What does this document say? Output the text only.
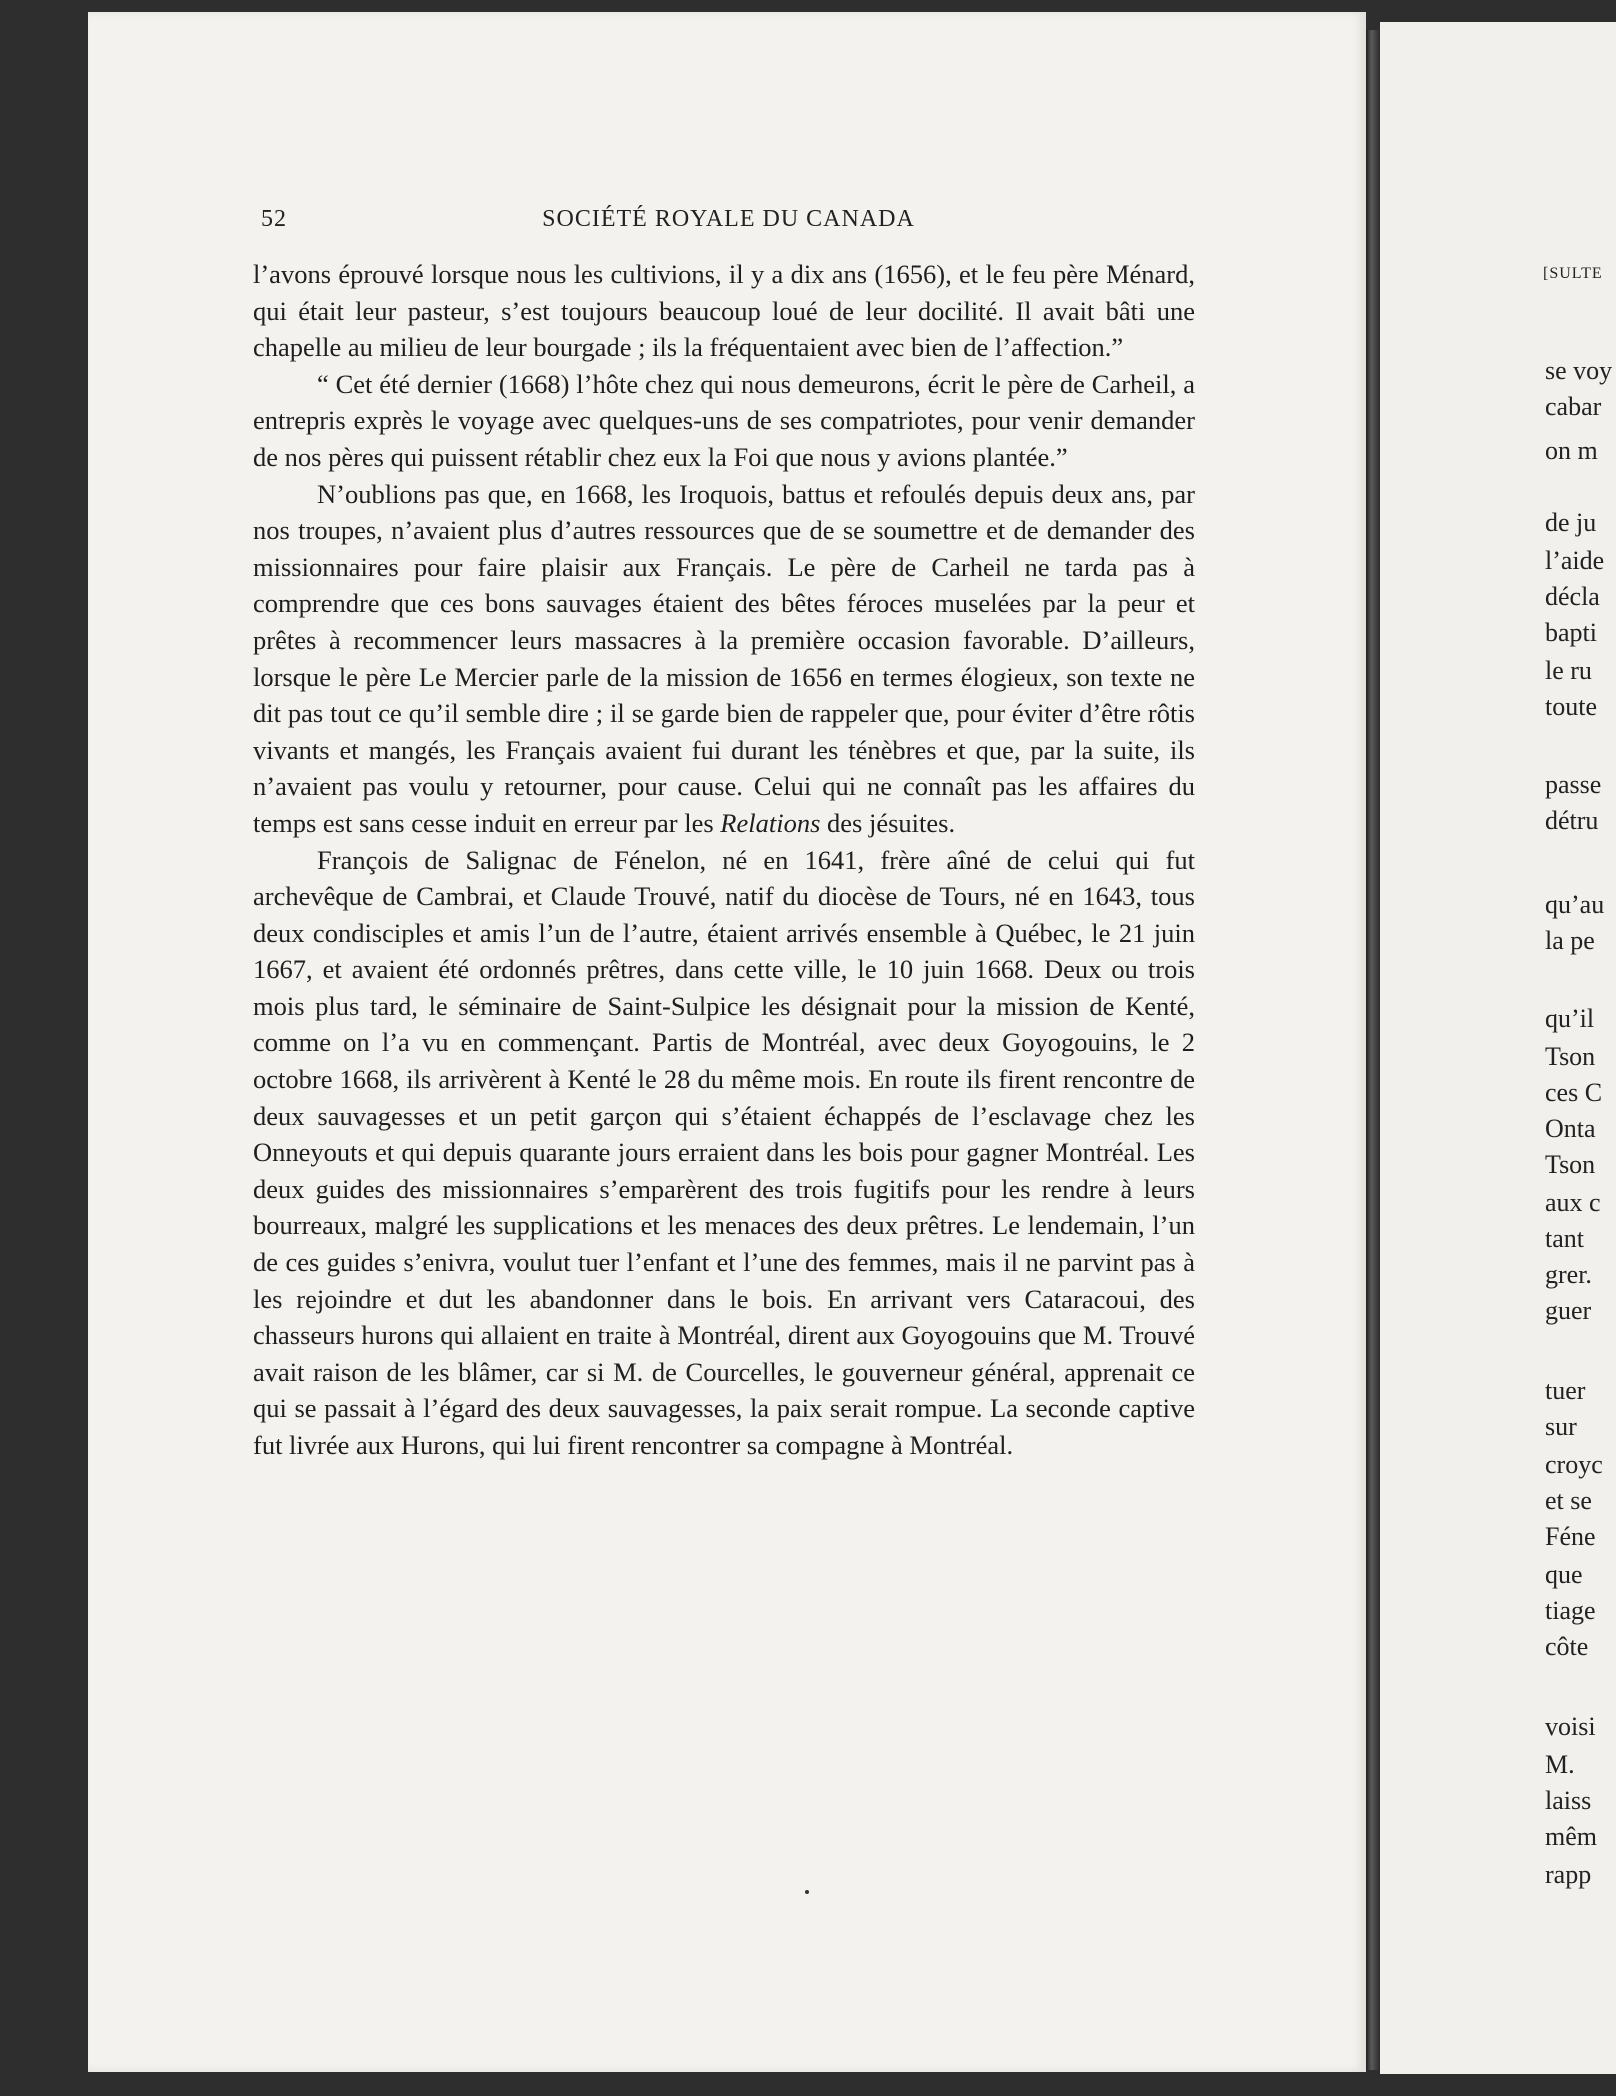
52	SOCIÉTÉ ROYALE DU CANADA

l’avons éprouvé lorsque nous les cultivions, il y a dix ans (1656), et le feu père Ménard, qui était leur pasteur, s’est toujours beaucoup loué de leur docilité. Il avait bâti une chapelle au milieu de leur bourgade ; ils la fréquentaient avec bien de l’affection.”

“ Cet été dernier (1668) l’hôte chez qui nous demeurons, écrit le père de Carheil, a entrepris exprès le voyage avec quelques-uns de ses compatriotes, pour venir demander de nos pères qui puissent rétablir chez eux la Foi que nous y avions plantée.”

N’oublions pas que, en 1668, les Iroquois, battus et refoulés depuis deux ans, par nos troupes, n’avaient plus d’autres ressources que de se soumettre et de demander des missionnaires pour faire plaisir aux Français. Le père de Carheil ne tarda pas à comprendre que ces bons sauvages étaient des bêtes féroces muselées par la peur et prêtes à recommencer leurs massacres à la première occasion favorable. D’ailleurs, lorsque le père Le Mercier parle de la mission de 1656 en termes élogieux, son texte ne dit pas tout ce qu’il semble dire ; il se garde bien de rappeler que, pour éviter d’être rôtis vivants et mangés, les Français avaient fui durant les ténèbres et que, par la suite, ils n’avaient pas voulu y retourner, pour cause. Celui qui ne connaît pas les affaires du temps est sans cesse induit en erreur par les Relations des jésuites.

François de Salignac de Fénelon, né en 1641, frère aîné de celui qui fut archevêque de Cambrai, et Claude Trouvé, natif du diocèse de Tours, né en 1643, tous deux condisciples et amis l’un de l’autre, étaient arrivés ensemble à Québec, le 21 juin 1667, et avaient été ordonnés prêtres, dans cette ville, le 10 juin 1668. Deux ou trois mois plus tard, le séminaire de Saint-Sulpice les désignait pour la mission de Kenté, comme on l’a vu en commençant. Partis de Montréal, avec deux Goyogouins, le 2 octobre 1668, ils arrivèrent à Kenté le 28 du même mois. En route ils firent rencontre de deux sauvagesses et un petit garçon qui s’étaient échappés de l’esclavage chez les Onneyouts et qui depuis quarante jours erraient dans les bois pour gagner Montréal. Les deux guides des missionnaires s’emparèrent des trois fugitifs pour les rendre à leurs bourreaux, malgré les supplications et les menaces des deux prêtres. Le lendemain, l’un de ces guides s’enivra, voulut tuer l’enfant et l’une des femmes, mais il ne parvint pas à les rejoindre et dut les abandonner dans le bois. En arrivant vers Cataracoui, des chasseurs hurons qui allaient en traite à Montréal, dirent aux Goyogouins que M. Trouvé avait raison de les blâmer, car si M. de Courcelles, le gouverneur général, apprenait ce qui se passait à l’égard des deux sauvagesses, la paix serait rompue. La seconde captive fut livrée aux Hurons, qui lui firent rencontrer sa compagne à Montréal.

[SULTE
se voy
cabar
on m
de ju
l’aide
décla
bapti
le ru
toute
passe
détru
qu’au
la pe
qu’il
Tson
ces C
Onta
Tson
aux c
tant
grer.
guer
tuer
sur
croyc
et se
Féne
que
tiage
côte
voisi
M.
laiss
mêm
rapp
